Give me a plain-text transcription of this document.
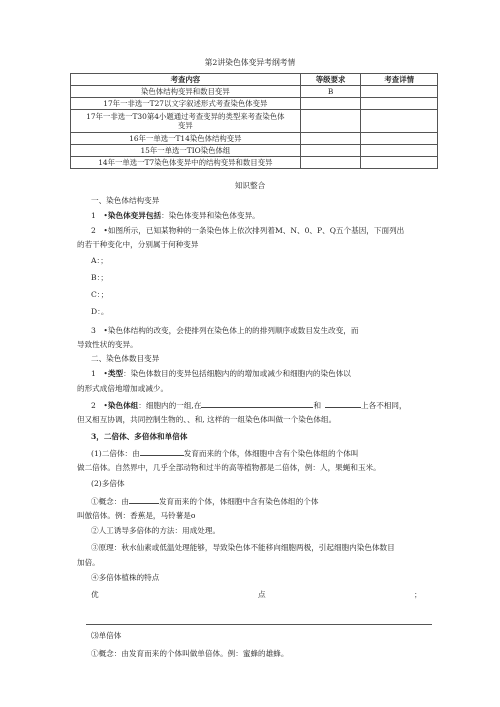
第2讲染色体变异考纲考情
考查内容	等级要求	考查详情
染色体结构变异和数目变异	B	
17年一非选一T27以文字叙述形式考查染色体变异		
17年一非选一T30第4小题通过考查变异的类型来考查染色体变异		
16年一单选一T14染色体结构变异		
15年一单选一TIO染色体组		
14年一单选一T7染色体变异中的结构变异和数目变异		
知识整合
一、染色体结构变异
1　•染色体变异包括：染色体变异和染色体变异。
2　•如图所示，已知某物种的一条染色体上依次排列着M、N、0、P、Q五个基因，下面列出
的若干种变化中，分别属于何种变异
A：；
B：；
C：；
D：。
3　•染色体结构的改变，会使排列在染色体上的的排列顺序或数目发生改变，而
导致性状的变异。
二、染色体数目变异
1　•类型：染色体数目的变异包括细胞内的的增加或减少和细胞内的染色体以
的形式成倍地增加或减少。
2　•染色体组：细胞内的一组,在	和	上各不相同，
但又相互协调，共同控制生物的、、和, 这样的一组染色体叫做一个染色体组。
3，二倍体、多倍体和单倍体
(1)二倍体：由	发育而来的个体，体细胞中含有个染色体组的个体叫
做二倍体。自然界中，几乎全部动物和过半的高等植物都是二倍体，例：人，果蝇和玉米。
(2)多倍体
①概念：由	发育而来的个体，体细胞中含有染色体组的个体
叫倣倍体。例：香蕉是，马铃薯是o
②人工诱导多倍体的方法：用成处理。
③原理：秋水仙素或低温处理能够，导致染色体不能移向细胞两极，引起细胞内染色体数目
加倍。
④多倍体植株的特点
优	点	；
⑶单倍体
①概念：由发育而来的个体叫做单倍体。例：蜜蜂的雄蜂。
